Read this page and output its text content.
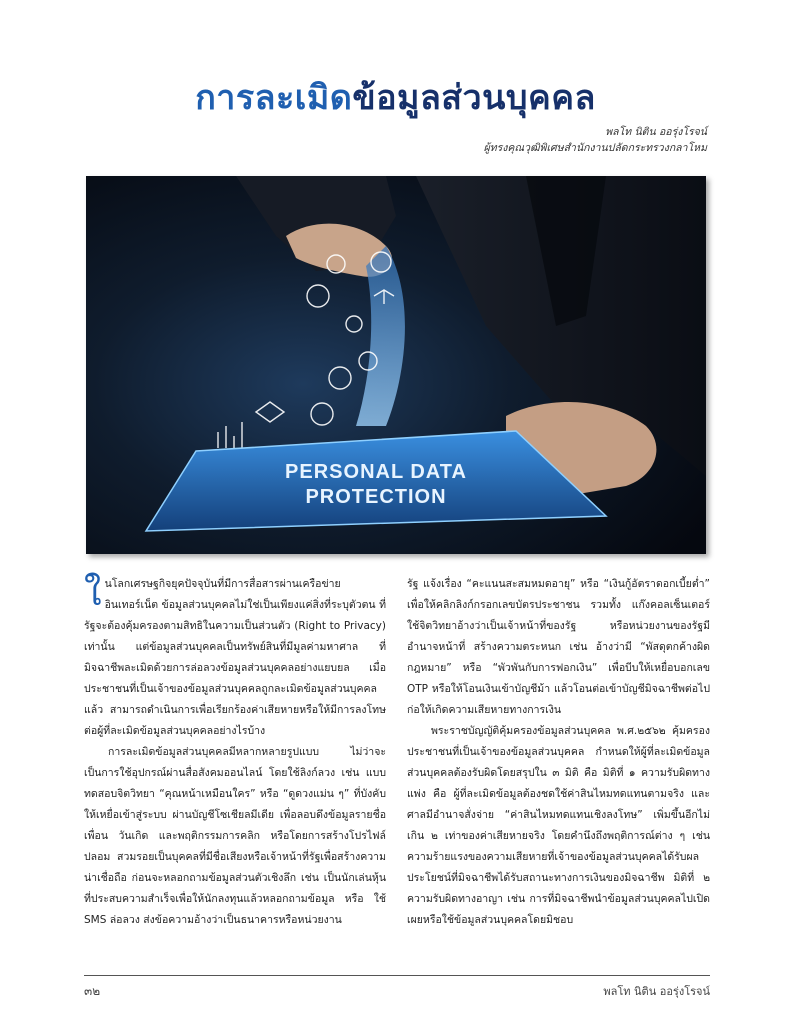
การละเมิดข้อมูลส่วนบุคคล
พลโท นิติน ออรุ่งโรจน์
ผู้ทรงคุณวุฒิพิเศษสำนักงานปลัดกระทรวงกลาโหม
PERSONAL DATA
PROTECTION

ในโลกเศรษฐกิจยุคปัจจุบันที่มีการสื่อสารผ่านเครือข่าย อินเทอร์เน็ต ข้อมูลส่วนบุคคลไม่ใช่เป็นเพียงแค่สิ่งที่ระบุตัวตน ที่รัฐจะต้องคุ้มครองตามสิทธิในความเป็นส่วนตัว (Right to Privacy) เท่านั้น แต่ข้อมูลส่วนบุคคลเป็นทรัพย์สินที่มีมูลค่ามหาศาล ที่มิจฉาชีพละเมิดด้วยการล่อลวงข้อมูลส่วนบุคคลอย่างแยบยล เมื่อประชาชนที่เป็นเจ้าของข้อมูลส่วนบุคคลถูกละเมิดข้อมูลส่วนบุคคลแล้ว สามารถดำเนินการเพื่อเรียกร้องค่าเสียหายหรือให้มีการลงโทษต่อผู้ที่ละเมิดข้อมูลส่วนบุคคลอย่างไรบ้าง

การละเมิดข้อมูลส่วนบุคคลมีหลากหลายรูปแบบ ไม่ว่าจะเป็นการใช้อุปกรณ์ผ่านสื่อสังคมออนไลน์ โดยใช้ลิงก์ลวง เช่น แบบทดสอบจิตวิทยา “คุณหน้าเหมือนใคร” หรือ “ดูดวงแม่น ๆ” ที่บังคับให้เหยื่อเข้าสู่ระบบ ผ่านบัญชีโซเชียลมีเดีย เพื่อลอบดึงข้อมูลรายชื่อเพื่อน วันเกิด และพฤติกรรมการคลิก หรือโดยการสร้างโปรไฟล์ปลอม สวมรอยเป็นบุคคลที่มีชื่อเสียงหรือเจ้าหน้าที่รัฐเพื่อสร้างความน่าเชื่อถือ ก่อนจะหลอกถามข้อมูลส่วนตัวเชิงลึก เช่น เป็นนักเล่นหุ้นที่ประสบความสำเร็จเพื่อให้นักลงทุนแล้วหลอกถามข้อมูล หรือ ใช้ SMS ล่อลวง ส่งข้อความอ้างว่าเป็นธนาคารหรือหน่วยงาน

รัฐ แจ้งเรื่อง “คะแนนสะสมหมดอายุ” หรือ “เงินกู้อัตราดอกเบี้ยต่ำ” เพื่อให้คลิกลิงก์กรอกเลขบัตรประชาชน รวมทั้ง แก๊งคอลเซ็นเตอร์ ใช้จิตวิทยาอ้างว่าเป็นเจ้าหน้าที่ของรัฐ หรือหน่วยงานของรัฐมีอำนาจหน้าที่ สร้างความตระหนก เช่น อ้างว่ามี “พัสดุตกค้างผิดกฎหมาย” หรือ “พัวพันกับการฟอกเงิน” เพื่อบีบให้เหยื่อบอกเลข OTP หรือให้โอนเงินเข้าบัญชีม้า แล้วโอนต่อเข้าบัญชีมิจฉาชีพต่อไป ก่อให้เกิดความเสียหายทางการเงิน

พระราชบัญญัติคุ้มครองข้อมูลส่วนบุคคล พ.ศ.๒๕๖๒ คุ้มครองประชาชนที่เป็นเจ้าของข้อมูลส่วนบุคคล กำหนดให้ผู้ที่ละเมิดข้อมูลส่วนบุคคลต้องรับผิดโดยสรุปใน ๓ มิติ คือ มิติที่ ๑ ความรับผิดทางแพ่ง คือ ผู้ที่ละเมิดข้อมูลต้องชดใช้ค่าสินไหมทดแทนตามจริง และศาลมีอำนาจสั่งจ่าย “ค่าสินไหมทดแทนเชิงลงโทษ” เพิ่มขึ้นอีกไม่เกิน ๒ เท่าของค่าเสียหายจริง โดยคำนึงถึงพฤติการณ์ต่าง ๆ เช่น ความร้ายแรงของความเสียหายที่เจ้าของข้อมูลส่วนบุคคลได้รับผลประโยชน์ที่มิจฉาชีพได้รับสถานะทางการเงินของมิจฉาชีพ มิติที่ ๒ ความรับผิดทางอาญา เช่น การที่มิจฉาชีพนำข้อมูลส่วนบุคคลไปเปิดเผยหรือใช้ข้อมูลส่วนบุคคลโดยมิชอบ

๓๒	พลโท นิติน ออรุ่งโรจน์
